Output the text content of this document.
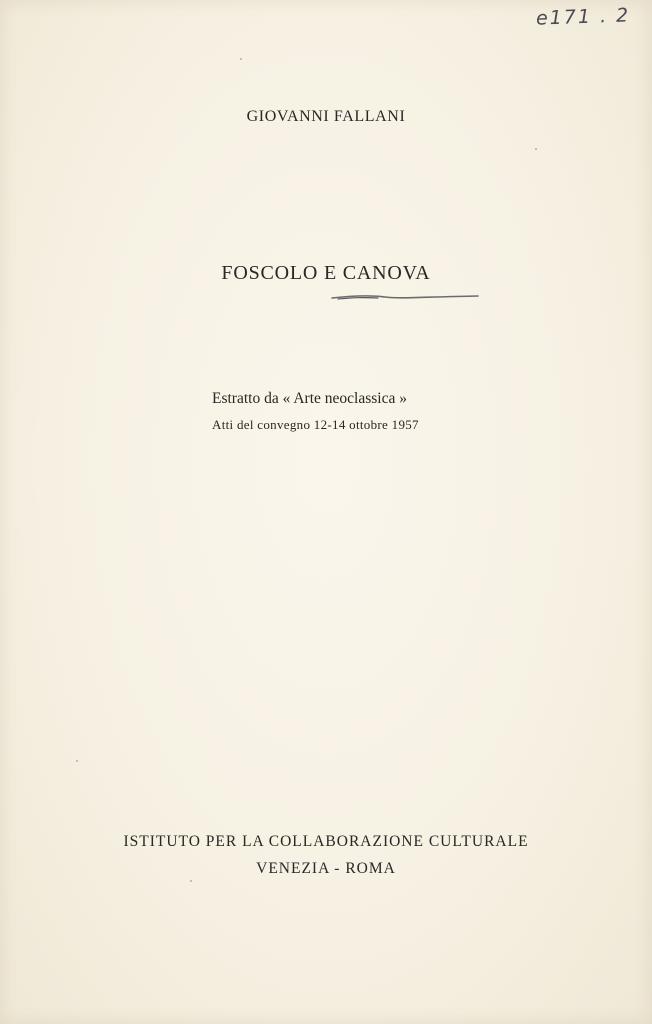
e171 . 2
GIOVANNI FALLANI
FOSCOLO E CANOVA
Estratto da « Arte neoclassica »
Atti del convegno 12-14 ottobre 1957
ISTITUTO PER LA COLLABORAZIONE CULTURALE
VENEZIA - ROMA
